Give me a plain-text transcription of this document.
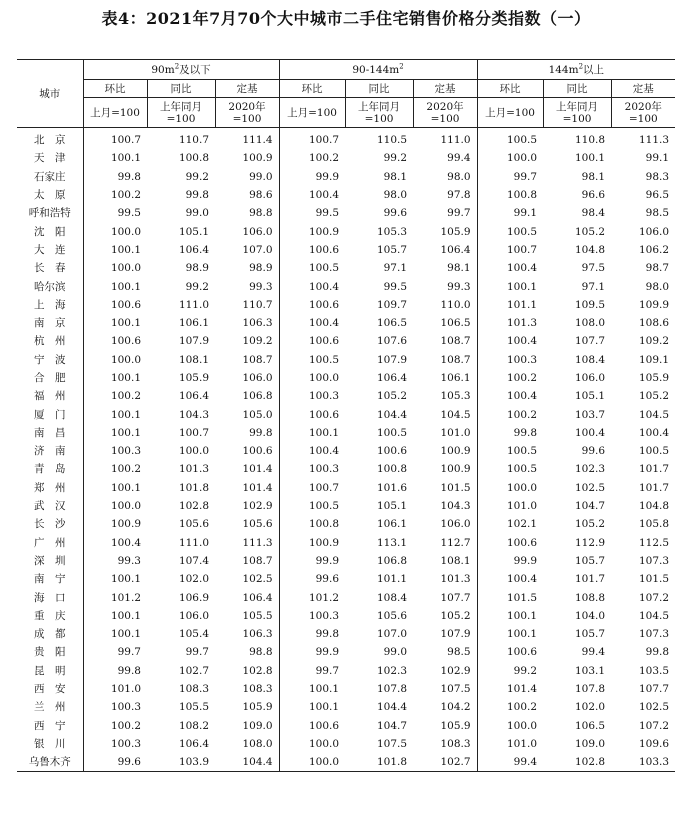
表4：2021年7月70个大中城市二手住宅销售价格分类指数（一）
城市	$90m^2$及以下			$90-144m^2$			$144m^2$以上		
	环比	同比	定基	环比	同比	定基	环比	同比	定基
	上月=100	上年同月=100	2020年=100	上月=100	上年同月=100	2020年=100	上月=100	上年同月=100	2020年=100
北　京	100.7	110.7	111.4	100.7	110.5	111.0	100.5	110.8	111.3
天　津	100.1	100.8	100.9	100.2	99.2	99.4	100.0	100.1	99.1
石家庄	99.8	99.2	99.0	99.9	98.1	98.0	99.7	98.1	98.3
太　原	100.2	99.8	98.6	100.4	98.0	97.8	100.8	96.6	96.5
呼和浩特	99.5	99.0	98.8	99.5	99.6	99.7	99.1	98.4	98.5
沈　阳	100.0	105.1	106.0	100.9	105.3	105.9	100.5	105.2	106.0
大　连	100.1	106.4	107.0	100.6	105.7	106.4	100.7	104.8	106.2
长　春	100.0	98.9	98.9	100.5	97.1	98.1	100.4	97.5	98.7
哈尔滨	100.1	99.2	99.3	100.4	99.5	99.3	100.1	97.1	98.0
上　海	100.6	111.0	110.7	100.6	109.7	110.0	101.1	109.5	109.9
南　京	100.1	106.1	106.3	100.4	106.5	106.5	101.3	108.0	108.6
杭　州	100.6	107.9	109.2	100.6	107.6	108.7	100.4	107.7	109.2
宁　波	100.0	108.1	108.7	100.5	107.9	108.7	100.3	108.4	109.1
合　肥	100.1	105.9	106.0	100.0	106.4	106.1	100.2	106.0	105.9
福　州	100.2	106.4	106.8	100.3	105.2	105.3	100.4	105.1	105.2
厦　门	100.1	104.3	105.0	100.6	104.4	104.5	100.2	103.7	104.5
南　昌	100.1	100.7	99.8	100.1	100.5	101.0	99.8	100.4	100.4
济　南	100.3	100.0	100.6	100.4	100.6	100.9	100.5	99.6	100.5
青　岛	100.2	101.3	101.4	100.3	100.8	100.9	100.5	102.3	101.7
郑　州	100.1	101.8	101.4	100.7	101.6	101.5	100.0	102.5	101.7
武　汉	100.0	102.8	102.9	100.5	105.1	104.3	101.0	104.7	104.8
长　沙	100.9	105.6	105.6	100.8	106.1	106.0	102.1	105.2	105.8
广　州	100.4	111.0	111.3	100.9	113.1	112.7	100.6	112.9	112.5
深　圳	99.3	107.4	108.7	99.9	106.8	108.1	99.9	105.7	107.3
南　宁	100.1	102.0	102.5	99.6	101.1	101.3	100.4	101.7	101.5
海　口	101.2	106.9	106.4	101.2	108.4	107.7	101.5	108.8	107.2
重　庆	100.1	106.0	105.5	100.3	105.6	105.2	100.1	104.0	104.5
成　都	100.1	105.4	106.3	99.8	107.0	107.9	100.1	105.7	107.3
贵　阳	99.7	99.7	98.8	99.9	99.0	98.5	100.6	99.4	99.8
昆　明	99.8	102.7	102.8	99.7	102.3	102.9	99.2	103.1	103.5
西　安	101.0	108.3	108.3	100.1	107.8	107.5	101.4	107.8	107.7
兰　州	100.3	105.5	105.9	100.1	104.4	104.2	100.2	102.0	102.5
西　宁	100.2	108.2	109.0	100.6	104.7	105.9	100.0	106.5	107.2
银　川	100.3	106.4	108.0	100.0	107.5	108.3	101.0	109.0	109.6
乌鲁木齐	99.6	103.9	104.4	100.0	101.8	102.7	99.4	102.8	103.3
